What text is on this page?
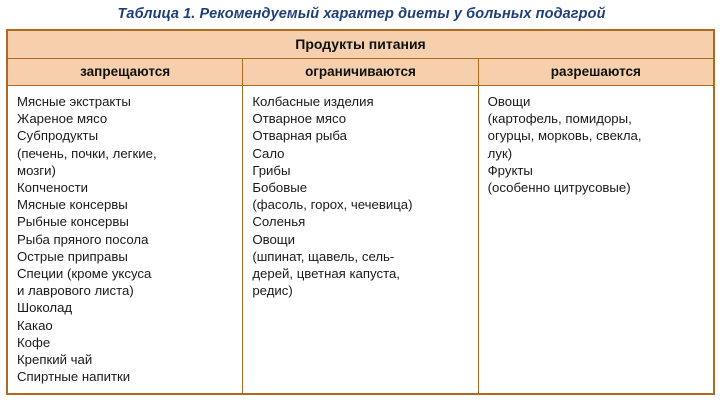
Таблица 1. Рекомендуемый характер диеты у больных подагрой
Продукты питания		
запрещаются	ограничиваются	разрешаются

Мясные экстракты
Жареное мясо
Субпродукты
(печень, почки, легкие,
мозги)
Копчености
Мясные консервы
Рыбные консервы
Рыба пряного посола
Острые приправы
Специи (кроме уксуса
и лаврового листа)
Шоколад
Какао
Кофе
Крепкий чай
Спиртные напитки

Колбасные изделия
Отварное мясо
Отварная рыба
Сало
Грибы
Бобовые
(фасоль, горох, чечевица)
Соленья
Овощи
(шпинат, щавель, сель-
дерей, цветная капуста,
редис)

Овощи
(картофель, помидоры,
огурцы, морковь, свекла,
лук)
Фрукты
(особенно цитрусовые)
